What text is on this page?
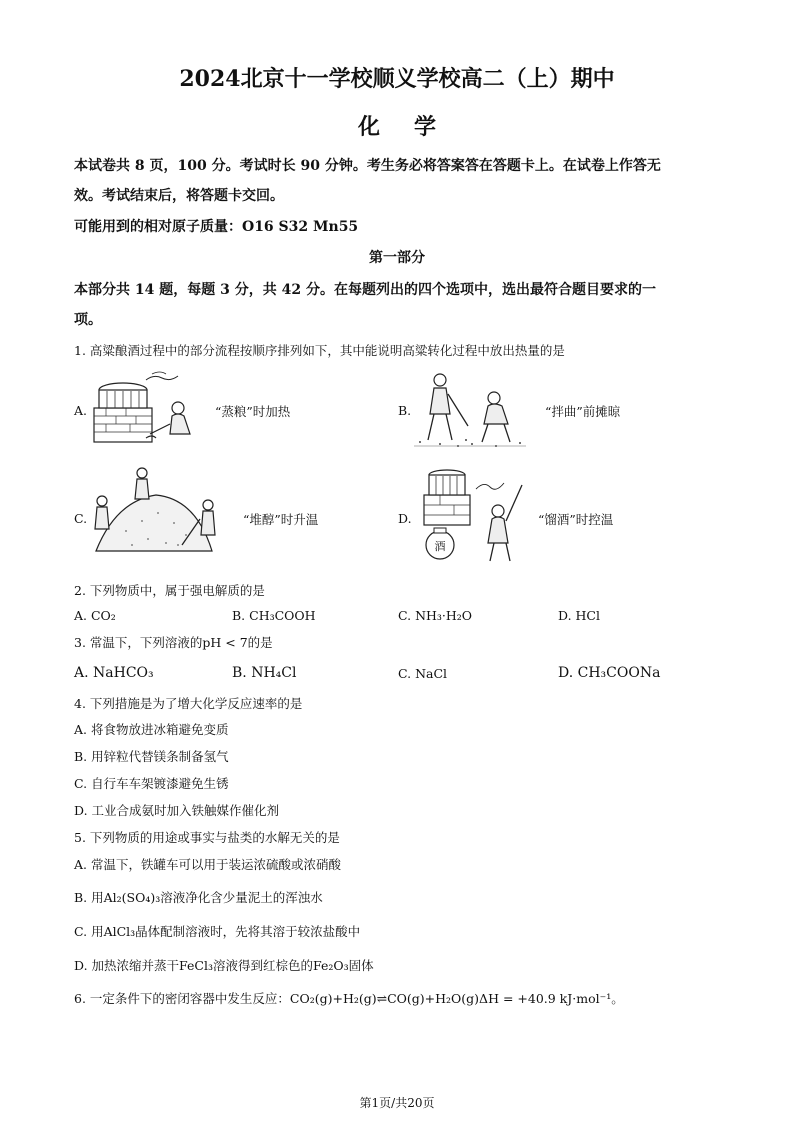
2024北京十一学校顺义学校高二（上）期中
化学
本试卷共 8 页，100 分。考试时长 90 分钟。考生务必将答案答在答题卡上。在试卷上作答无
效。考试结束后，将答题卡交回。
可能用到的相对原子质量：O16 S32 Mn55
第一部分
本部分共 14 题，每题 3 分，共 42 分。在每题列出的四个选项中，选出最符合题目要求的一
项。
1. 高粱酿酒过程中的部分流程按顺序排列如下，其中能说明高粱转化过程中放出热量的是
A.	“蒸粮”时加热	B.	“拌曲”前摊晾
C.	“堆醇”时升温	D.
酒
“馏酒”时控温
2. 下列物质中，属于强电解质的是
A. CO₂	B. CH₃COOH	C. NH₃·H₂O	D. HCl
3. 常温下，下列溶液的pH < 7的是
A. NaHCO₃	B. NH₄Cl	C. NaCl	D. CH₃COONa
4. 下列措施是为了增大化学反应速率的是
A. 将食物放进冰箱避免变质
B. 用锌粒代替镁条制备氢气
C. 自行车车架镀漆避免生锈
D. 工业合成氨时加入铁触媒作催化剂
5. 下列物质的用途或事实与盐类的水解无关的是
A. 常温下，铁罐车可以用于装运浓硫酸或浓硝酸
B. 用Al₂(SO₄)₃溶液净化含少量泥土的浑浊水
C. 用AlCl₃晶体配制溶液时，先将其溶于较浓盐酸中
D. 加热浓缩并蒸干FeCl₃溶液得到红棕色的Fe₂O₃固体
6. 一定条件下的密闭容器中发生反应：CO₂(g)+H₂(g)⇌CO(g)+H₂O(g)ΔH = +40.9 kJ·mol⁻¹。
第1页/共20页
